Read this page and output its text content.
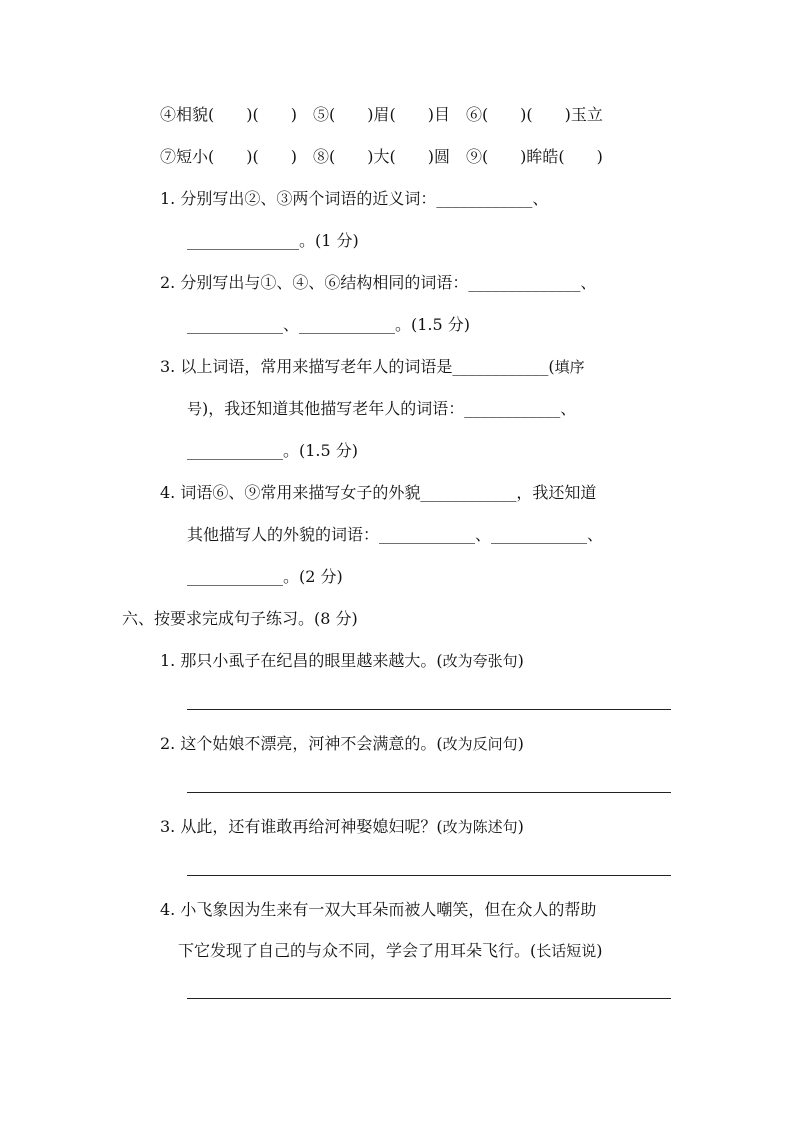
④相貌(　　)(　　)　⑤(　　)眉(　　)目　⑥(　　)(　　)玉立
⑦短小(　　)(　　)　⑧(　　)大(　　)圆　⑨(　　)眸皓(　　)
1. 分别写出②、③两个词语的近义词：____________、
______________。(1 分)
2. 分别写出与①、④、⑥结构相同的词语：______________、
____________、____________。(1.5 分)
3. 以上词语，常用来描写老年人的词语是____________(填序
号)，我还知道其他描写老年人的词语：____________、
____________。(1.5 分)
4. 词语⑥、⑨常用来描写女子的外貌____________，我还知道
其他描写人的外貌的词语：____________、____________、
____________。(2 分)
六、按要求完成句子练习。(8 分)
1. 那只小虱子在纪昌的眼里越来越大。(改为夸张句)
2. 这个姑娘不漂亮，河神不会满意的。(改为反问句)
3. 从此，还有谁敢再给河神娶媳妇呢？(改为陈述句)
4. 小飞象因为生来有一双大耳朵而被人嘲笑，但在众人的帮助
下它发现了自己的与众不同，学会了用耳朵飞行。(长话短说)
